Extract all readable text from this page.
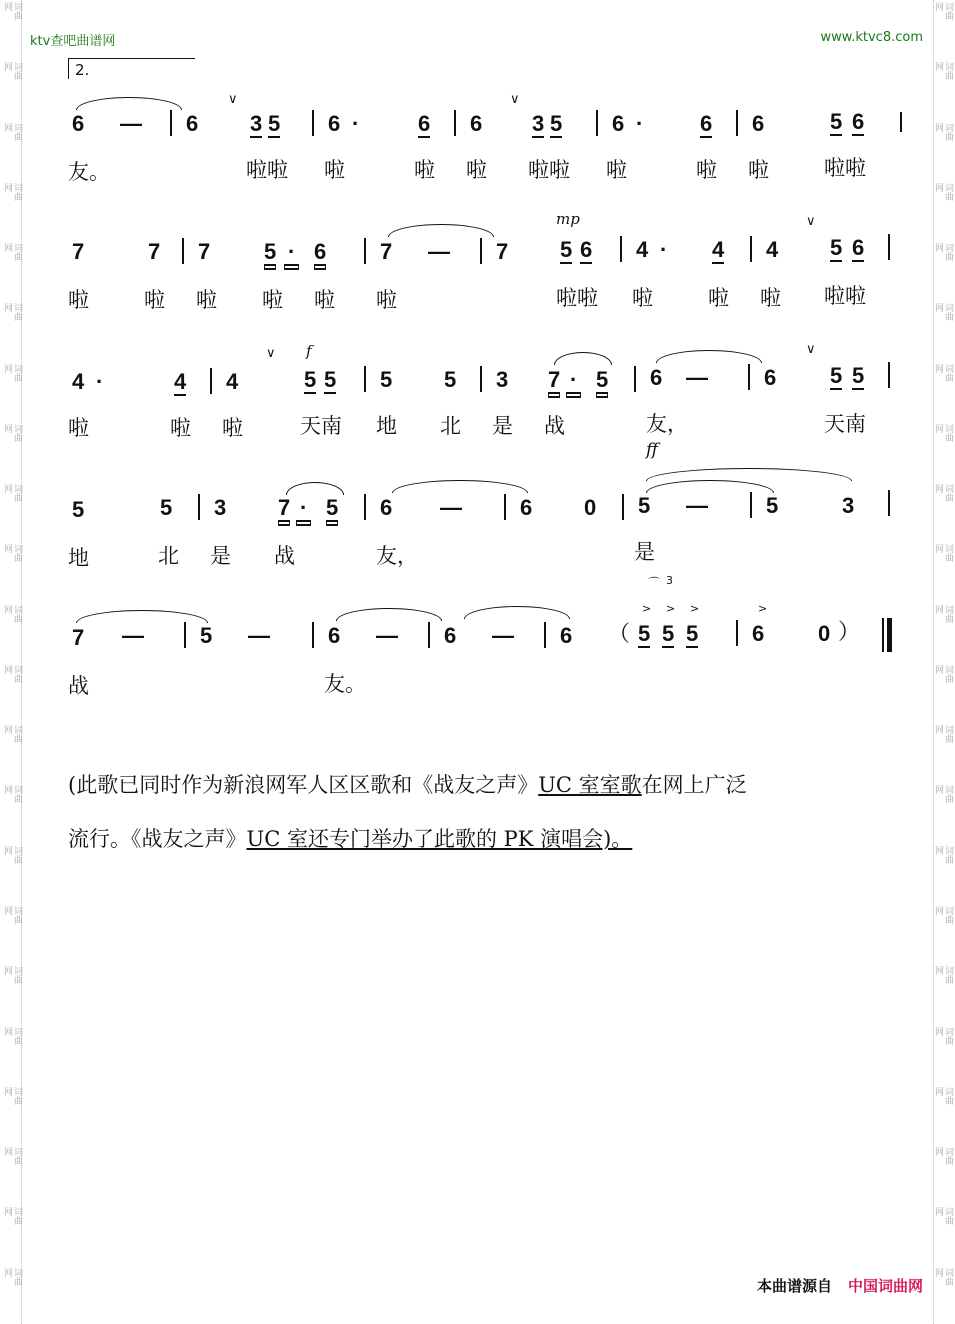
词曲网
词曲网
词曲网
词曲网
词曲网
词曲网
词曲网
词曲网
词曲网
词曲网
词曲网
词曲网
词曲网
词曲网
词曲网
词曲网
词曲网
词曲网
词曲网
词曲网
词曲网
词曲网
词曲网
词曲网
词曲网
词曲网
词曲网
词曲网
词曲网
词曲网
词曲网
词曲网
词曲网
词曲网
词曲网
词曲网
词曲网
词曲网
词曲网
词曲网
词曲网
词曲网
词曲网
词曲网
ktv查吧曲谱网	www.ktvc8.com
2.
∨	∨
6 — 6 3 5 6 ·	6 6 3 5 6 ·	6 6	5 6
友。	啦啦 啦	啦 啦 啦啦 啦	啦 啦	啦啦
mp	∨
7	7 7 5 · 6 7 — 7 5 6 4 · 4 4 5 6
啦	啦 啦 啦 啦 啦	啦啦 啦	啦 啦 啦啦
∨ f	∨
4 ·	4 4	5 5 5 5 3 7 · 5 6 —	6 5 5
啦	啦 啦	天南 地 北 是 战	友，	天南
ff
5	5 3 7 · 5 6 —	6 0 5 —	5	3
地	北 是 战	友，	是
⌒ 3
> > >	>
7 —	5 —	6 — 6 — 6 （ 5 5 5 6 0 ）
战	友。
(此歌已同时作为新浪网军人区区歌和《战友之声》UC 室室歌在网上广泛
流行。《战友之声》UC 室还专门举办了此歌的 PK 演唱会)。
本曲谱源自 中国词曲网
